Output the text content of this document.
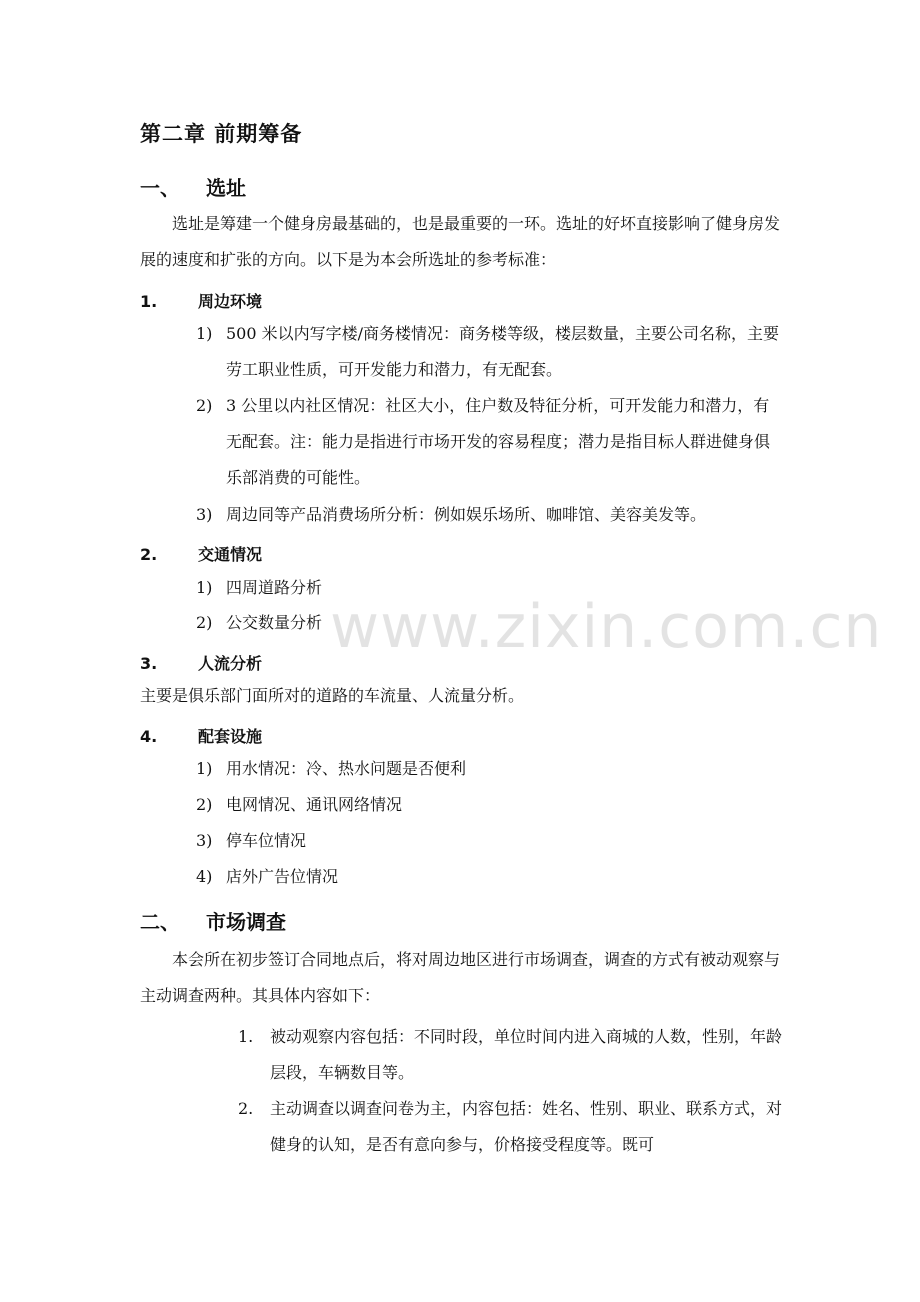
第二章 前期筹备
一、 选址
选址是筹建一个健身房最基础的，也是最重要的一环。选址的好坏直接影响了健身房发展的速度和扩张的方向。以下是为本会所选址的参考标准：
1.	周边环境
1) 500 米以内写字楼/商务楼情况：商务楼等级，楼层数量，主要公司名称，主要劳工职业性质，可开发能力和潜力，有无配套。
2) 3 公里以内社区情况：社区大小，住户数及特征分析，可开发能力和潜力，有无配套。注：能力是指进行市场开发的容易程度；潜力是指目标人群进健身俱乐部消费的可能性。
3) 周边同等产品消费场所分析：例如娱乐场所、咖啡馆、美容美发等。
2.	交通情况
1) 四周道路分析
2) 公交数量分析
3.	人流分析
主要是俱乐部门面所对的道路的车流量、人流量分析。
4.	配套设施
1) 用水情况：冷、热水问题是否便利
2) 电网情况、通讯网络情况
3) 停车位情况
4) 店外广告位情况
二、 市场调查
本会所在初步签订合同地点后，将对周边地区进行市场调查，调查的方式有被动观察与主动调查两种。其具体内容如下：
1. 被动观察内容包括：不同时段，单位时间内进入商城的人数，性别，年龄层段，车辆数目等。
2. 主动调查以调查问卷为主，内容包括：姓名、性别、职业、联系方式，对健身的认知，是否有意向参与，价格接受程度等。既可
www.zixin.com.cn
